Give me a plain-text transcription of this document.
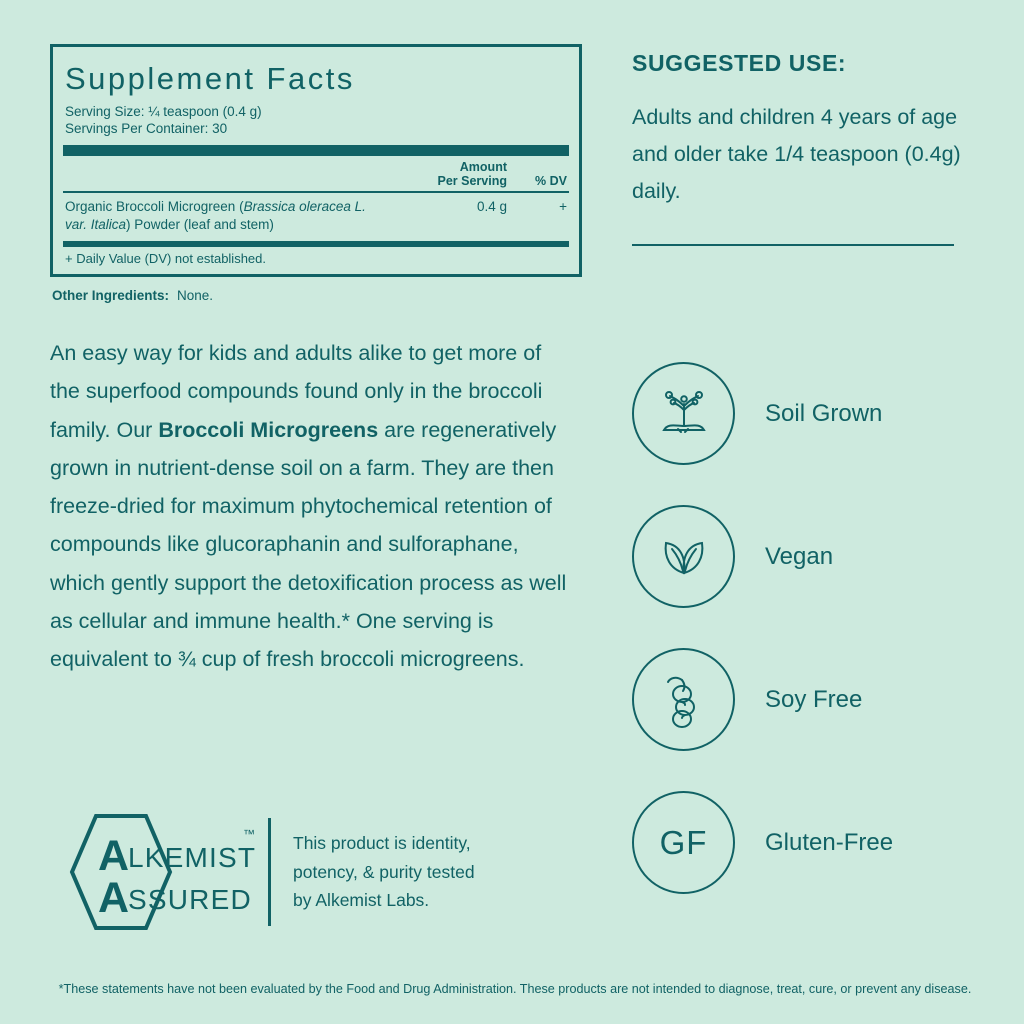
Supplement Facts
Serving Size: ¼ teaspoon (0.4 g)
Servings Per Container: 30
Amount
Per Serving	% DV
Organic Broccoli Microgreen (Brassica oleracea L. var. Italica) Powder (leaf and stem)
0.4 g	+
+ Daily Value (DV) not established.
Other Ingredients: None.
An easy way for kids and adults alike to get more of the superfood compounds found only in the broccoli family. Our Broccoli Microgreens are regeneratively grown in nutrient-dense soil on a farm. They are then freeze-dried for maximum phytochemical retention of compounds like glucoraphanin and sulforaphane, which gently support the detoxification process as well as cellular and immune health.* One serving is equivalent to ¾ cup of fresh broccoli microgreens.
A
LKEMIST
A
SSURED
™ This product is identity,
potency, & purity tested
by Alkemist Labs.
SUGGESTED USE:
Adults and children 4 years of age and older take 1/4 teaspoon (0.4g) daily.
Soil Grown
Vegan
Soy Free
GF Gluten-Free
*These statements have not been evaluated by the Food and Drug Administration. These products are not intended to diagnose, treat, cure, or prevent any disease.
